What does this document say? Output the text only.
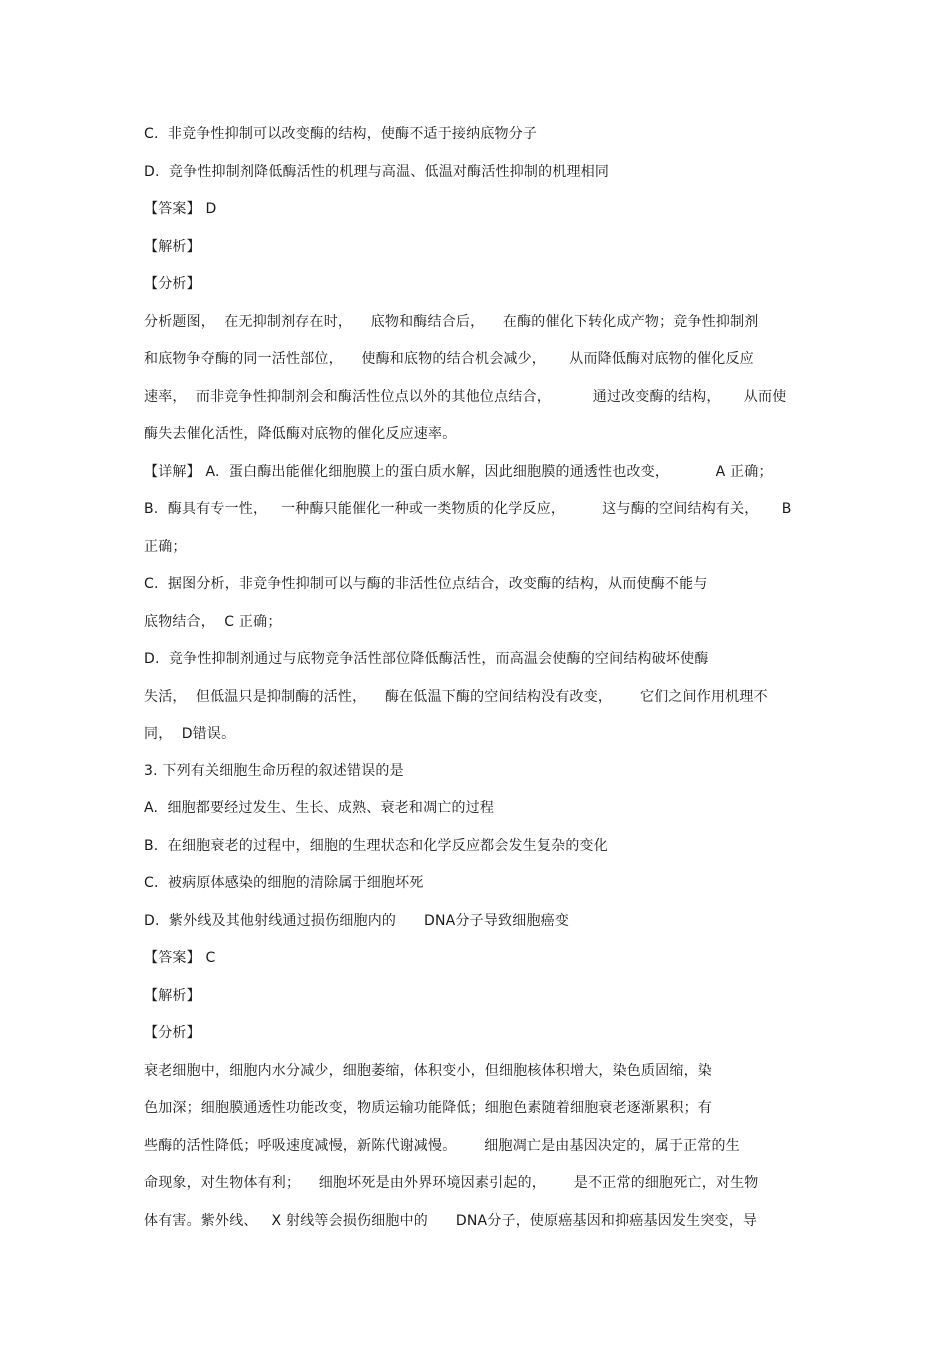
C.  非竞争性抑制可以改变酶的结构，使酶不适于接纳底物分子
D.  竞争性抑制剂降低酶活性的机理与高温、低温对酶活性抑制的机理相同
【答案】 D
【解析】
【分析】
分析题图，  在无抑制剂存在时，    底物和酶结合后，    在酶的催化下转化成产物；竞争性抑制剂
和底物争夺酶的同一活性部位，    使酶和底物的结合机会减少，     从而降低酶对底物的催化反应
速率，  而非竞争性抑制剂会和酶活性位点以外的其他位点结合，         通过改变酶的结构，     从而使
酶失去催化活性，降低酶对底物的催化反应速率。
【详解】 A.  蛋白酶出能催化细胞膜上的蛋白质水解，因此细胞膜的通透性也改变，          A 正确；
B.  酶具有专一性，   一种酶只能催化一种或一类物质的化学反应，        这与酶的空间结构有关，     B
正确；
C.  据图分析，非竞争性抑制可以与酶的非活性位点结合，改变酶的结构，从而使酶不能与
底物结合，  C 正确；
D.  竞争性抑制剂通过与底物竞争活性部位降低酶活性，而高温会使酶的空间结构破坏使酶
失活，  但低温只是抑制酶的活性，    酶在低温下酶的空间结构没有改变，      它们之间作用机理不
同，  D错误。
3. 下列有关细胞生命历程的叙述错误的是
A.  细胞都要经过发生、生长、成熟、衰老和凋亡的过程
B.  在细胞衰老的过程中，细胞的生理状态和化学反应都会发生复杂的变化
C.  被病原体感染的细胞的清除属于细胞坏死
D.  紫外线及其他射线通过损伤细胞内的      DNA分子导致细胞癌变
【答案】 C
【解析】
【分析】
衰老细胞中，细胞内水分减少，细胞萎缩，体积变小，但细胞核体积增大，染色质固缩，染
色加深；细胞膜通透性功能改变，物质运输功能降低；细胞色素随着细胞衰老逐渐累积；有
些酶的活性降低；呼吸速度减慢，新陈代谢减慢。      细胞凋亡是由基因决定的，属于正常的生
命现象，对生物体有利；    细胞坏死是由外界环境因素引起的，      是不正常的细胞死亡，对生物
体有害。紫外线、   X 射线等会损伤细胞中的      DNA分子，使原癌基因和抑癌基因发生突变，导
